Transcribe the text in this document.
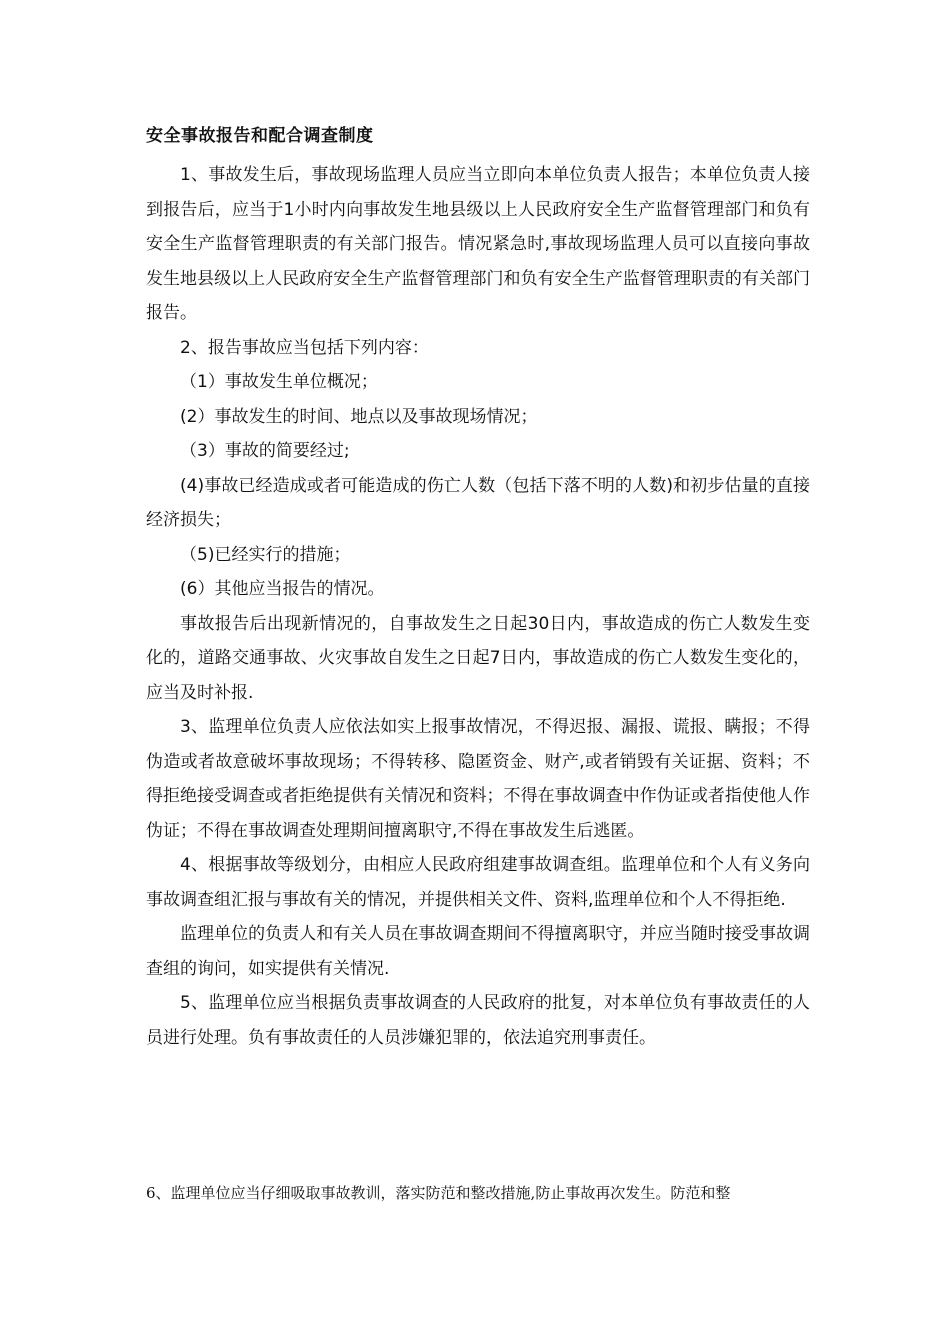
安全事故报告和配合调查制度

1、事故发生后，事故现场监理人员应当立即向本单位负责人报告；本单位负责人接到报告后，应当于1小时内向事故发生地县级以上人民政府安全生产监督管理部门和负有安全生产监督管理职责的有关部门报告。情况紧急时,事故现场监理人员可以直接向事故发生地县级以上人民政府安全生产监督管理部门和负有安全生产监督管理职责的有关部门报告。

2、报告事故应当包括下列内容：

（1）事故发生单位概况；

(2）事故发生的时间、地点以及事故现场情况；

（3）事故的简要经过;

(4)事故已经造成或者可能造成的伤亡人数（包括下落不明的人数)和初步估量的直接经济损失；

（5)已经实行的措施；

(6）其他应当报告的情况。

事故报告后出现新情况的，自事故发生之日起30日内，事故造成的伤亡人数发生变化的，道路交通事故、火灾事故自发生之日起7日内，事故造成的伤亡人数发生变化的，应当及时补报.

3、监理单位负责人应依法如实上报事故情况，不得迟报、漏报、谎报、瞒报；不得伪造或者故意破坏事故现场；不得转移、隐匿资金、财产,或者销毁有关证据、资料；不得拒绝接受调查或者拒绝提供有关情况和资料；不得在事故调查中作伪证或者指使他人作伪证；不得在事故调查处理期间擅离职守,不得在事故发生后逃匿。

4、根据事故等级划分，由相应人民政府组建事故调查组。监理单位和个人有义务向事故调查组汇报与事故有关的情况，并提供相关文件、资料,监理单位和个人不得拒绝.

监理单位的负责人和有关人员在事故调查期间不得擅离职守，并应当随时接受事故调查组的询问，如实提供有关情况.

5、监理单位应当根据负责事故调查的人民政府的批复，对本单位负有事故责任的人员进行处理。负有事故责任的人员涉嫌犯罪的，依法追究刑事责任。

6、监理单位应当仔细吸取事故教训，落实防范和整改措施,防止事故再次发生。防范和整
